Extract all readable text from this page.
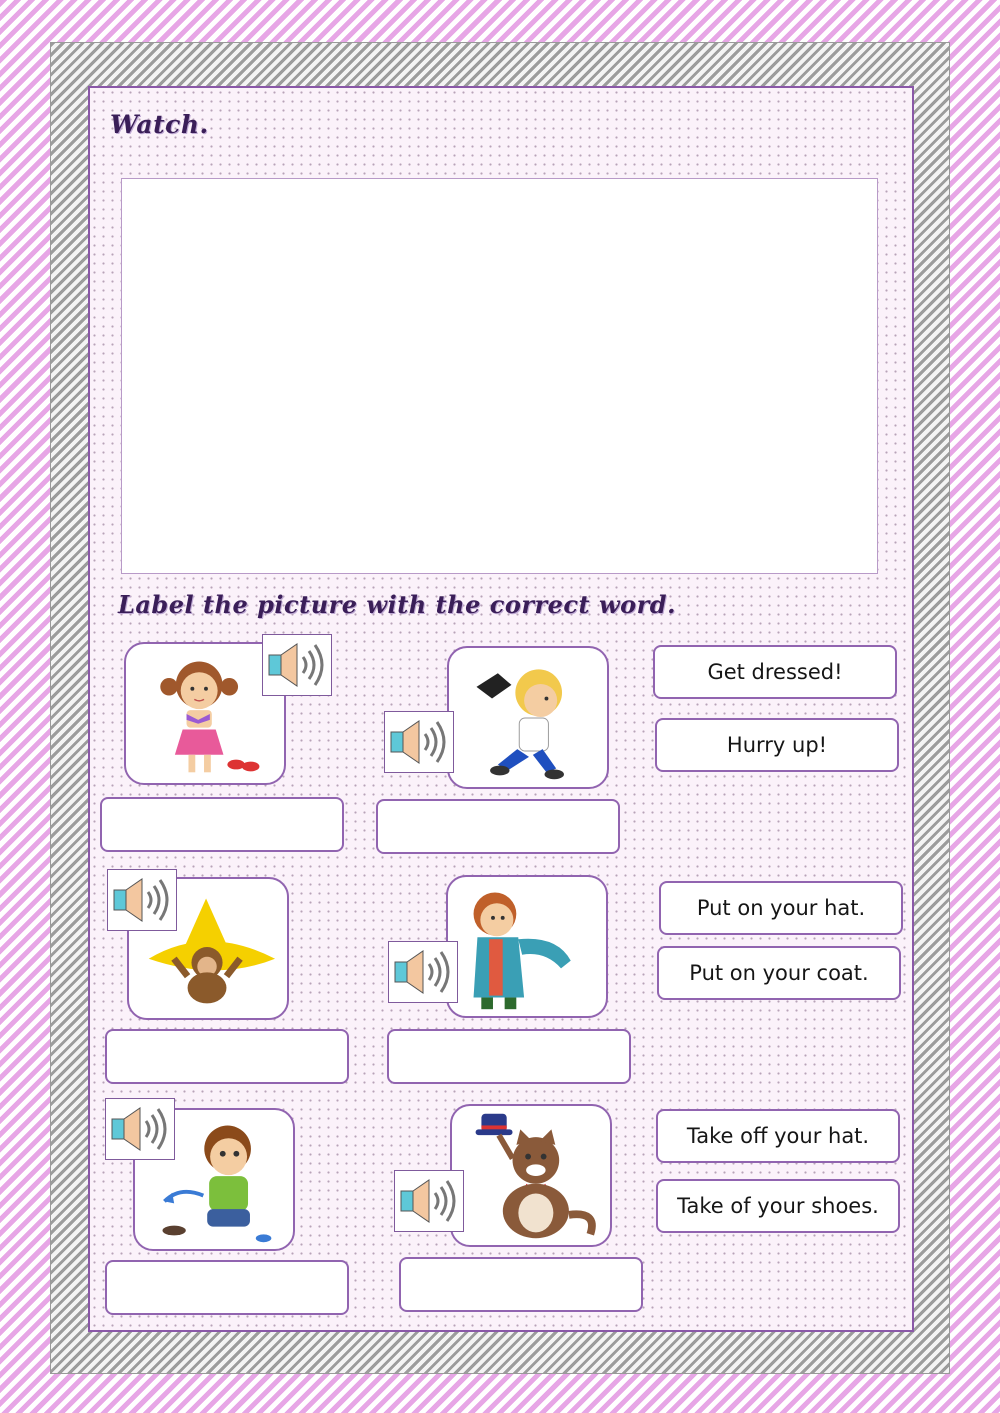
Watch.
Label the picture with the correct word.
Get dressed!
Hurry up!
Put on your hat.
Put on your coat.
Take off your hat.
Take of your shoes.
